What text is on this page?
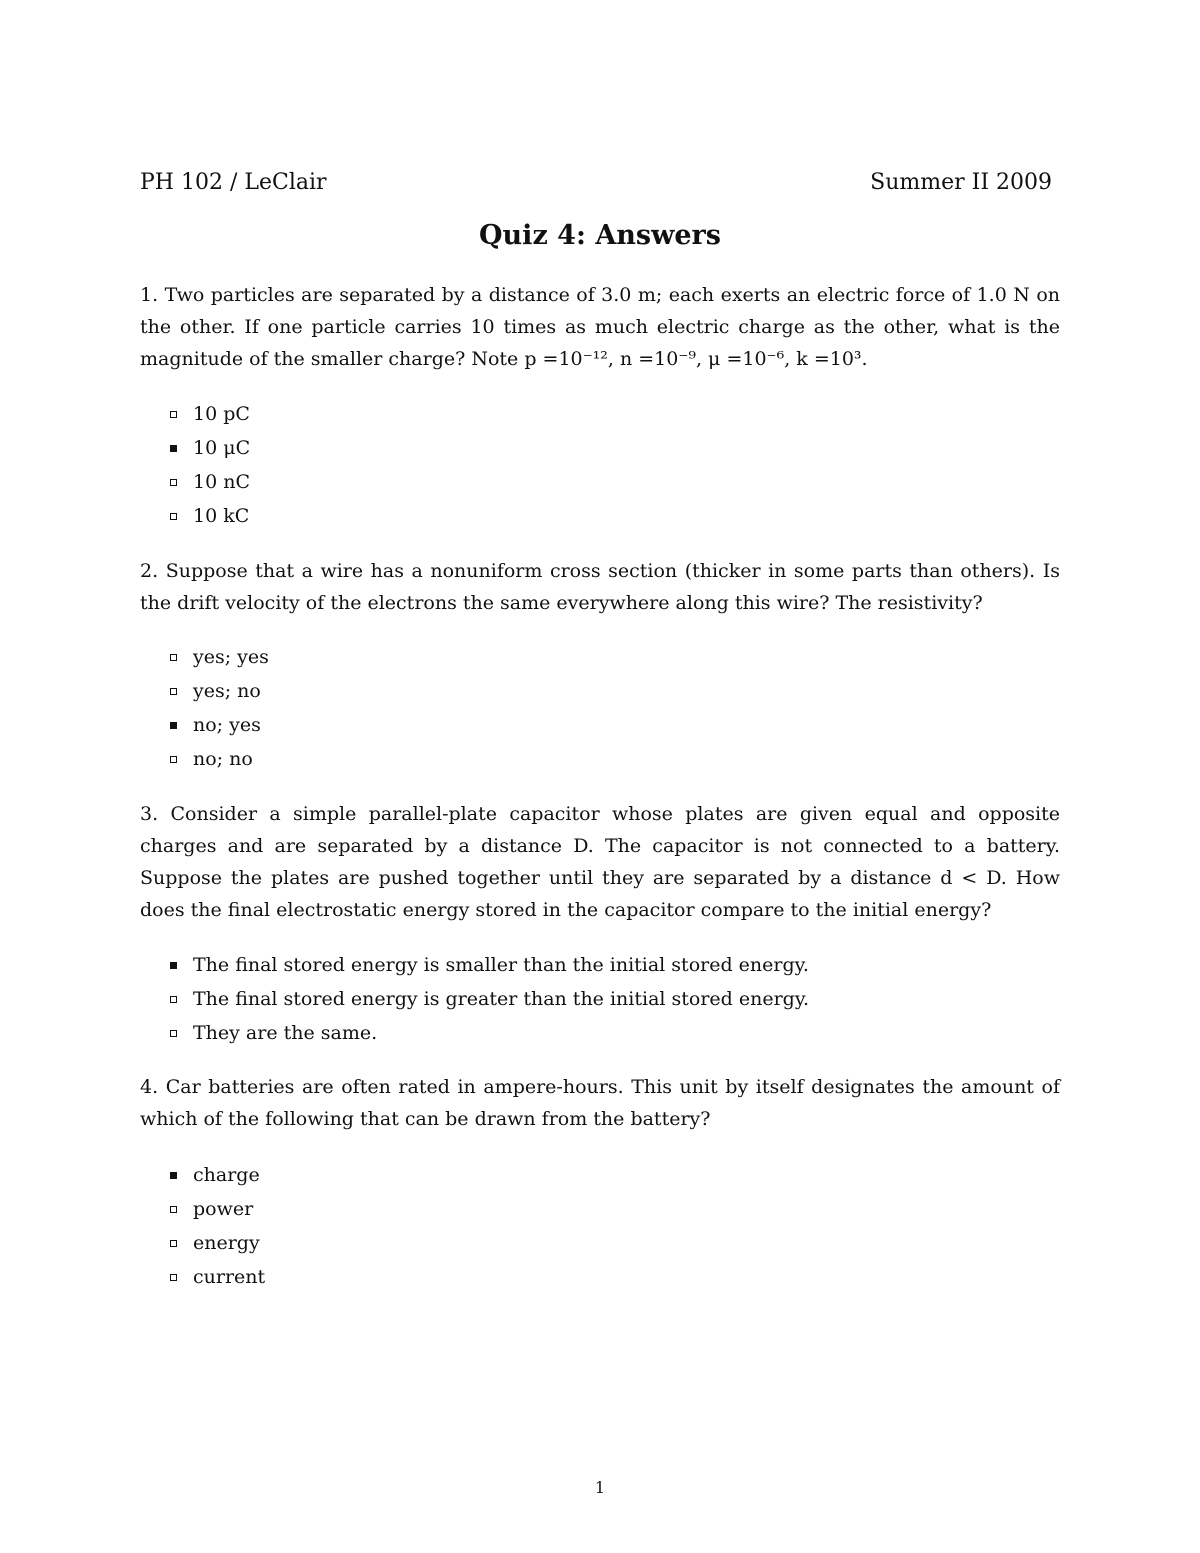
PH 102 / LeClair	Summer II 2009
Quiz 4: Answers
1. Two particles are separated by a distance of 3.0 m; each exerts an electric force of 1.0 N on the other. If one particle carries 10 times as much electric charge as the other, what is the magnitude of the smaller charge? Note p =10⁻¹², n =10⁻⁹, μ =10⁻⁶, k =10³.
10 pC
10 μC
10 nC
10 kC
2. Suppose that a wire has a nonuniform cross section (thicker in some parts than others). Is the drift velocity of the electrons the same everywhere along this wire? The resistivity?
yes; yes
yes; no
no; yes
no; no
3. Consider a simple parallel-plate capacitor whose plates are given equal and opposite charges and are separated by a distance D. The capacitor is not connected to a battery. Suppose the plates are pushed together until they are separated by a distance d < D. How does the final electrostatic energy stored in the capacitor compare to the initial energy?
The final stored energy is smaller than the initial stored energy.
The final stored energy is greater than the initial stored energy.
They are the same.
4. Car batteries are often rated in ampere-hours. This unit by itself designates the amount of which of the following that can be drawn from the battery?
charge
power
energy
current
1
